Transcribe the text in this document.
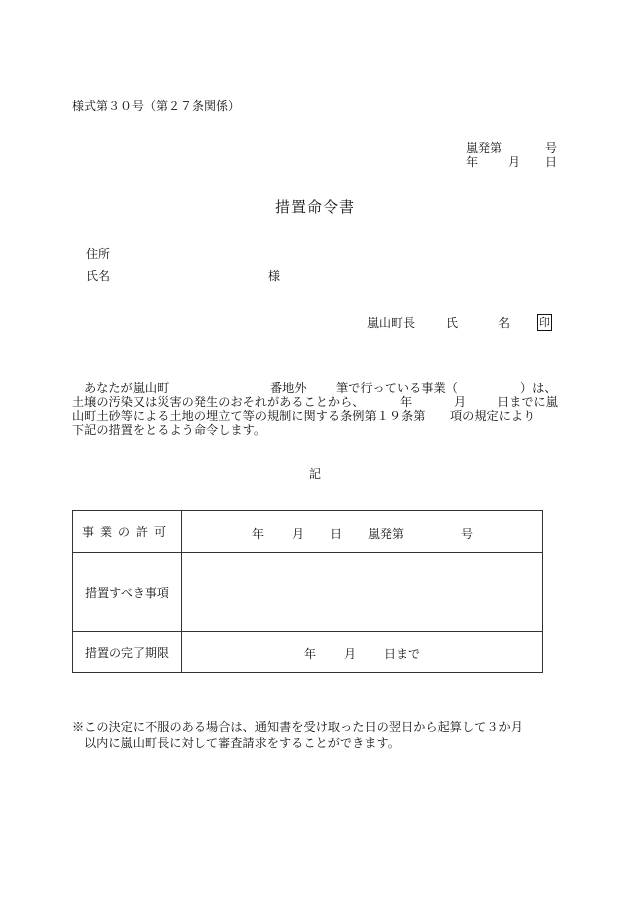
様式第３０号（第２７条関係）
嵐発第	号
年 月 日
措置命令書
住所
氏名	様
嵐山町長	氏	名	印
あなたが嵐山町	番地外 筆で行っている事業（	）は、
土壌の汚染又は災害の発生のおそれがあることから、	年	月	日までに嵐
山町土砂等による土地の埋立て等の規制に関する条例第１９条第 項の規定により
下記の措置をとるよう命令します。
記
事業の許可	年 月 日 嵐発第 号

措置すべき事項	
措置の完了期限	年 月 日まで
※この決定に不服のある場合は、通知書を受け取った日の翌日から起算して３か月
以内に嵐山町長に対して審査請求をすることができます。
